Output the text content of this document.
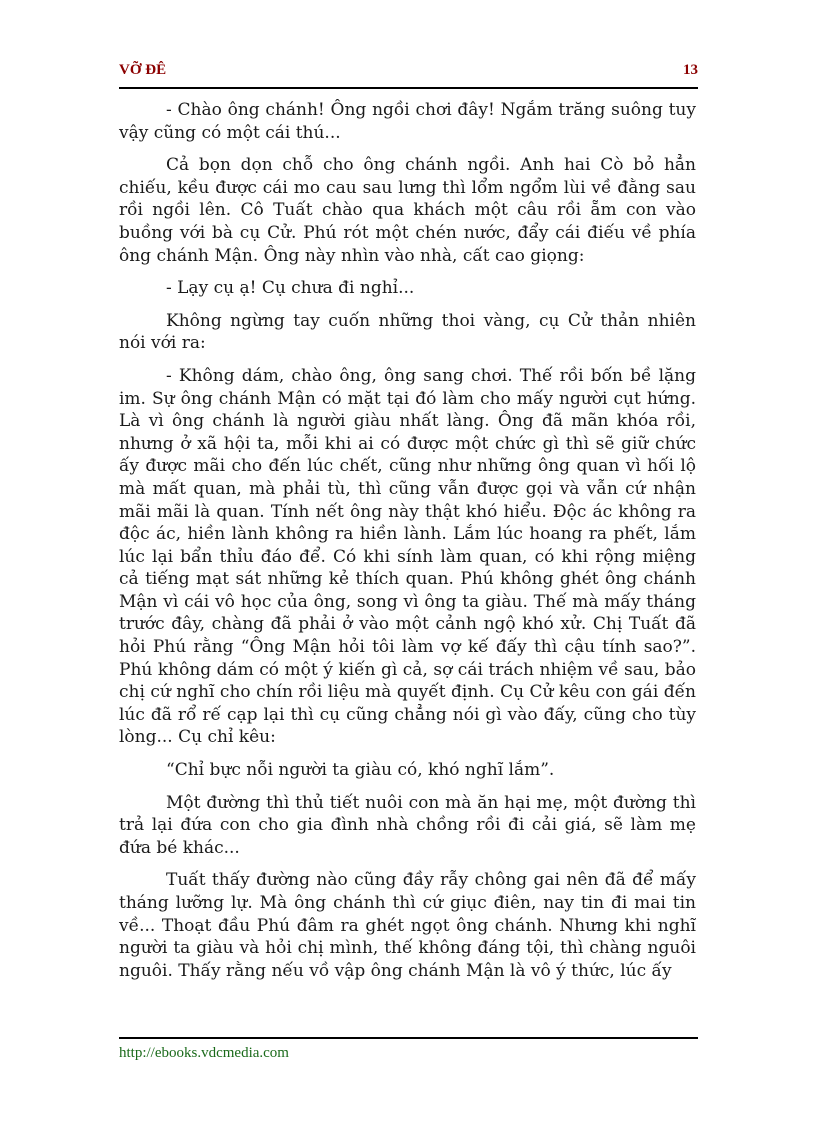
VỠ ĐÊ	13

- Chào ông chánh! Ông ngồi chơi đây! Ngắm trăng suông tuy vậy cũng có một cái thú...

Cả bọn dọn chỗ cho ông chánh ngồi. Anh hai Cò bỏ hẳn chiếu, kều được cái mo cau sau lưng thì lổm ngổm lùi về đằng sau rồi ngồi lên. Cô Tuất chào qua khách một câu rồi ẵm con vào buồng với bà cụ Cử. Phú rót một chén nước, đẩy cái điếu về phía ông chánh Mận. Ông này nhìn vào nhà, cất cao giọng:

- Lạy cụ ạ! Cụ chưa đi nghỉ...

Không ngừng tay cuốn những thoi vàng, cụ Cử thản nhiên nói với ra:

- Không dám, chào ông, ông sang chơi. Thế rồi bốn bề lặng im. Sự ông chánh Mận có mặt tại đó làm cho mấy người cụt hứng. Là vì ông chánh là người giàu nhất làng. Ông đã mãn khóa rồi, nhưng ở xã hội ta, mỗi khi ai có được một chức gì thì sẽ giữ chức ấy được mãi cho đến lúc chết, cũng như những ông quan vì hối lộ mà mất quan, mà phải tù, thì cũng vẫn được gọi và vẫn cứ nhận mãi mãi là quan. Tính nết ông này thật khó hiểu. Độc ác không ra độc ác, hiền lành không ra hiền lành. Lắm lúc hoang ra phết, lắm lúc lại bẩn thỉu đáo để. Có khi sính làm quan, có khi rộng miệng cả tiếng mạt sát những kẻ thích quan. Phú không ghét ông chánh Mận vì cái vô học của ông, song vì ông ta giàu. Thế mà mấy tháng trước đây, chàng đã phải ở vào một cảnh ngộ khó xử. Chị Tuất đã hỏi Phú rằng “Ông Mận hỏi tôi làm vợ kế đấy thì cậu tính sao?”. Phú không dám có một ý kiến gì cả, sợ cái trách nhiệm về sau, bảo chị cứ nghĩ cho chín rồi liệu mà quyết định. Cụ Cử kêu con gái đến lúc đã rổ rế cạp lại thì cụ cũng chẳng nói gì vào đấy, cũng cho tùy lòng... Cụ chỉ kêu:

“Chỉ bực nỗi người ta giàu có, khó nghĩ lắm”.

Một đường thì thủ tiết nuôi con mà ăn hại mẹ, một đường thì trả lại đứa con cho gia đình nhà chồng rồi đi cải giá, sẽ làm mẹ đứa bé khác...

Tuất thấy đường nào cũng đầy rẫy chông gai nên đã để mấy tháng lưỡng lự. Mà ông chánh thì cứ giục điên, nay tin đi mai tin về... Thoạt đầu Phú đâm ra ghét ngọt ông chánh. Nhưng khi nghĩ người ta giàu và hỏi chị mình, thế không đáng tội, thì chàng nguôi nguôi. Thấy rằng nếu vồ vập ông chánh Mận là vô ý thức, lúc ấy

http://ebooks.vdcmedia.com
